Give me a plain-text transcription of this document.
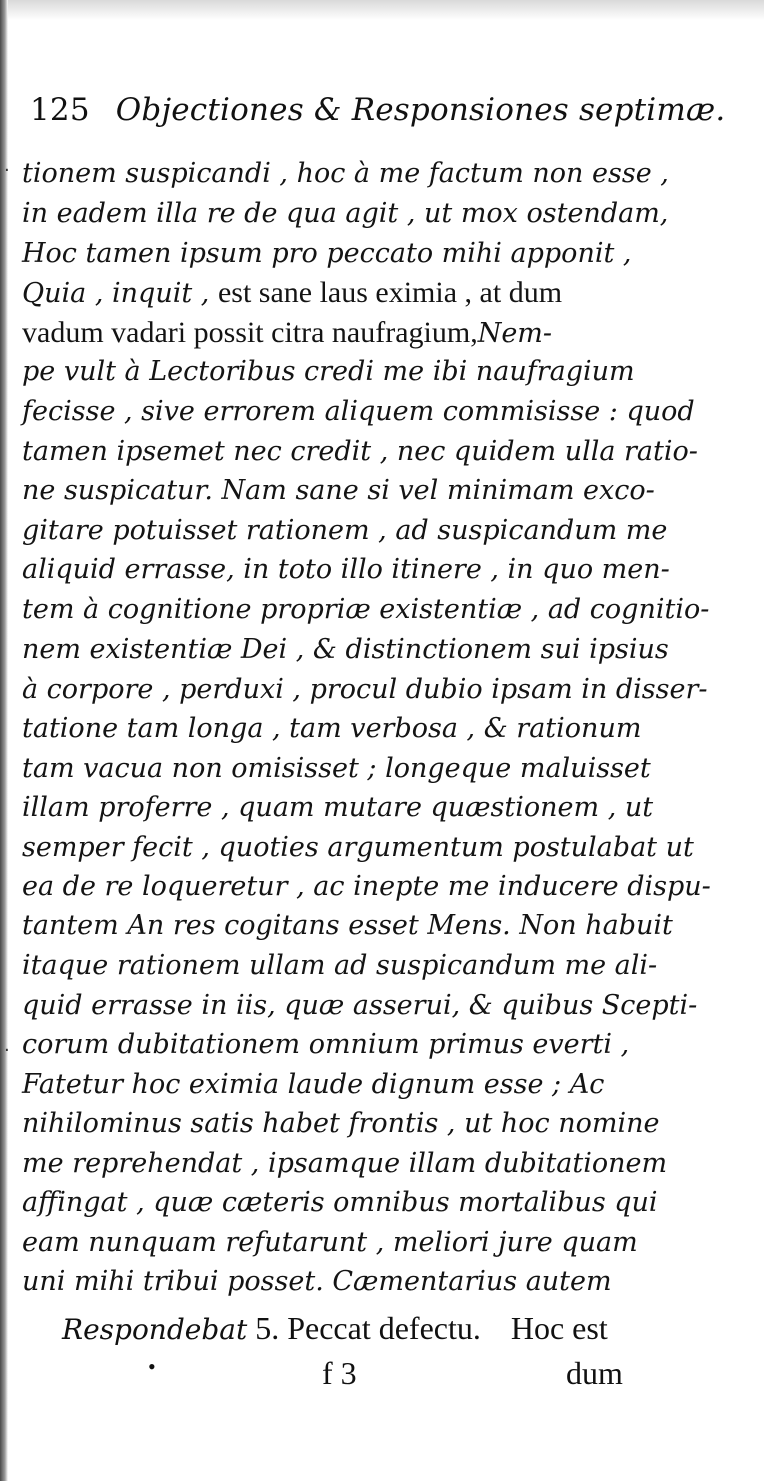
125 Objectiones & Responsiones septimæ.
·
·
tionem suspicandi , hoc à me factum non esse ,
in eadem illa re de qua agit , ut mox ostendam,
Hoc tamen ipsum pro peccato mihi apponit ,
Quia , inquit , est sane laus eximia , at dum
vadum vadari possit citra naufragium,Nem-
pe vult à Lectoribus credi me ibi naufragium
fecisse , sive errorem aliquem commisisse : quod
tamen ipsemet nec credit , nec quidem ulla ratio-
ne suspicatur. Nam sane si vel minimam exco-
gitare potuisset rationem , ad suspicandum me
aliquid errasse, in toto illo itinere , in quo men-
tem à cognitione propriæ existentiæ , ad cognitio-
nem existentiæ Dei , & distinctionem sui ipsius
à corpore , perduxi , procul dubio ipsam in disser-
tatione tam longa , tam verbosa , & rationum
tam vacua non omisisset ; longeque maluisset
illam proferre , quam mutare quæstionem , ut
semper fecit , quoties argumentum postulabat ut
ea de re loqueretur , ac inepte me inducere dispu-
tantem An res cogitans esset Mens. Non habuit
itaque rationem ullam ad suspicandum me ali-
quid errasse in iis, quæ asserui, & quibus Scepti-
corum dubitationem omnium primus everti ,
Fatetur hoc eximia laude dignum esse ; Ac
nihilominus satis habet frontis , ut hoc nomine
me reprehendat , ipsamque illam dubitationem
affingat , quæ cæteris omnibus mortalibus qui
eam nunquam refutarunt , meliori jure quam
uni mihi tribui posset. Cæmentarius autem
Respondebat 5. Peccat defectu. Hoc est
•	f 3	dum
